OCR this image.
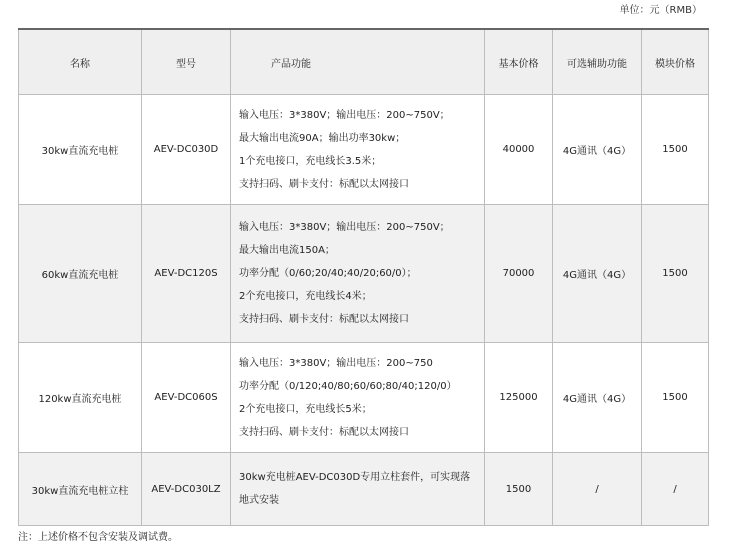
单位：元（RMB）
名称	型号	产品功能	基本价格	可选辅助功能	模块价格
30kw直流充电桩	AEV-DC030D	输入电压：3*380V；输出电压：200~750V；
最大输出电流90A；输出功率30kw；
1个充电接口，充电线长3.5米；
支持扫码、刷卡支付：标配以太网接口	40000	4G通讯（4G）	1500
60kw直流充电桩	AEV-DC120S	输入电压：3*380V；输出电压：200~750V；
最大输出电流150A；
功率分配（0/60;20/40;40/20;60/0）；
2个充电接口，充电线长4米；
支持扫码、刷卡支付：标配以太网接口	70000	4G通讯（4G）	1500
120kw直流充电桩	AEV-DC060S	输入电压：3*380V；输出电压：200~750
功率分配（0/120;40/80;60/60;80/40;120/0）
2个充电接口，充电线长5米；
支持扫码、刷卡支付：标配以太网接口	125000	4G通讯（4G）	1500
30kw直流充电桩立柱	AEV-DC030LZ	30kw充电桩AEV-DC030D专用立柱套件，可实现落地式安装	1500	/	/
注：上述价格不包含安装及调试费。
